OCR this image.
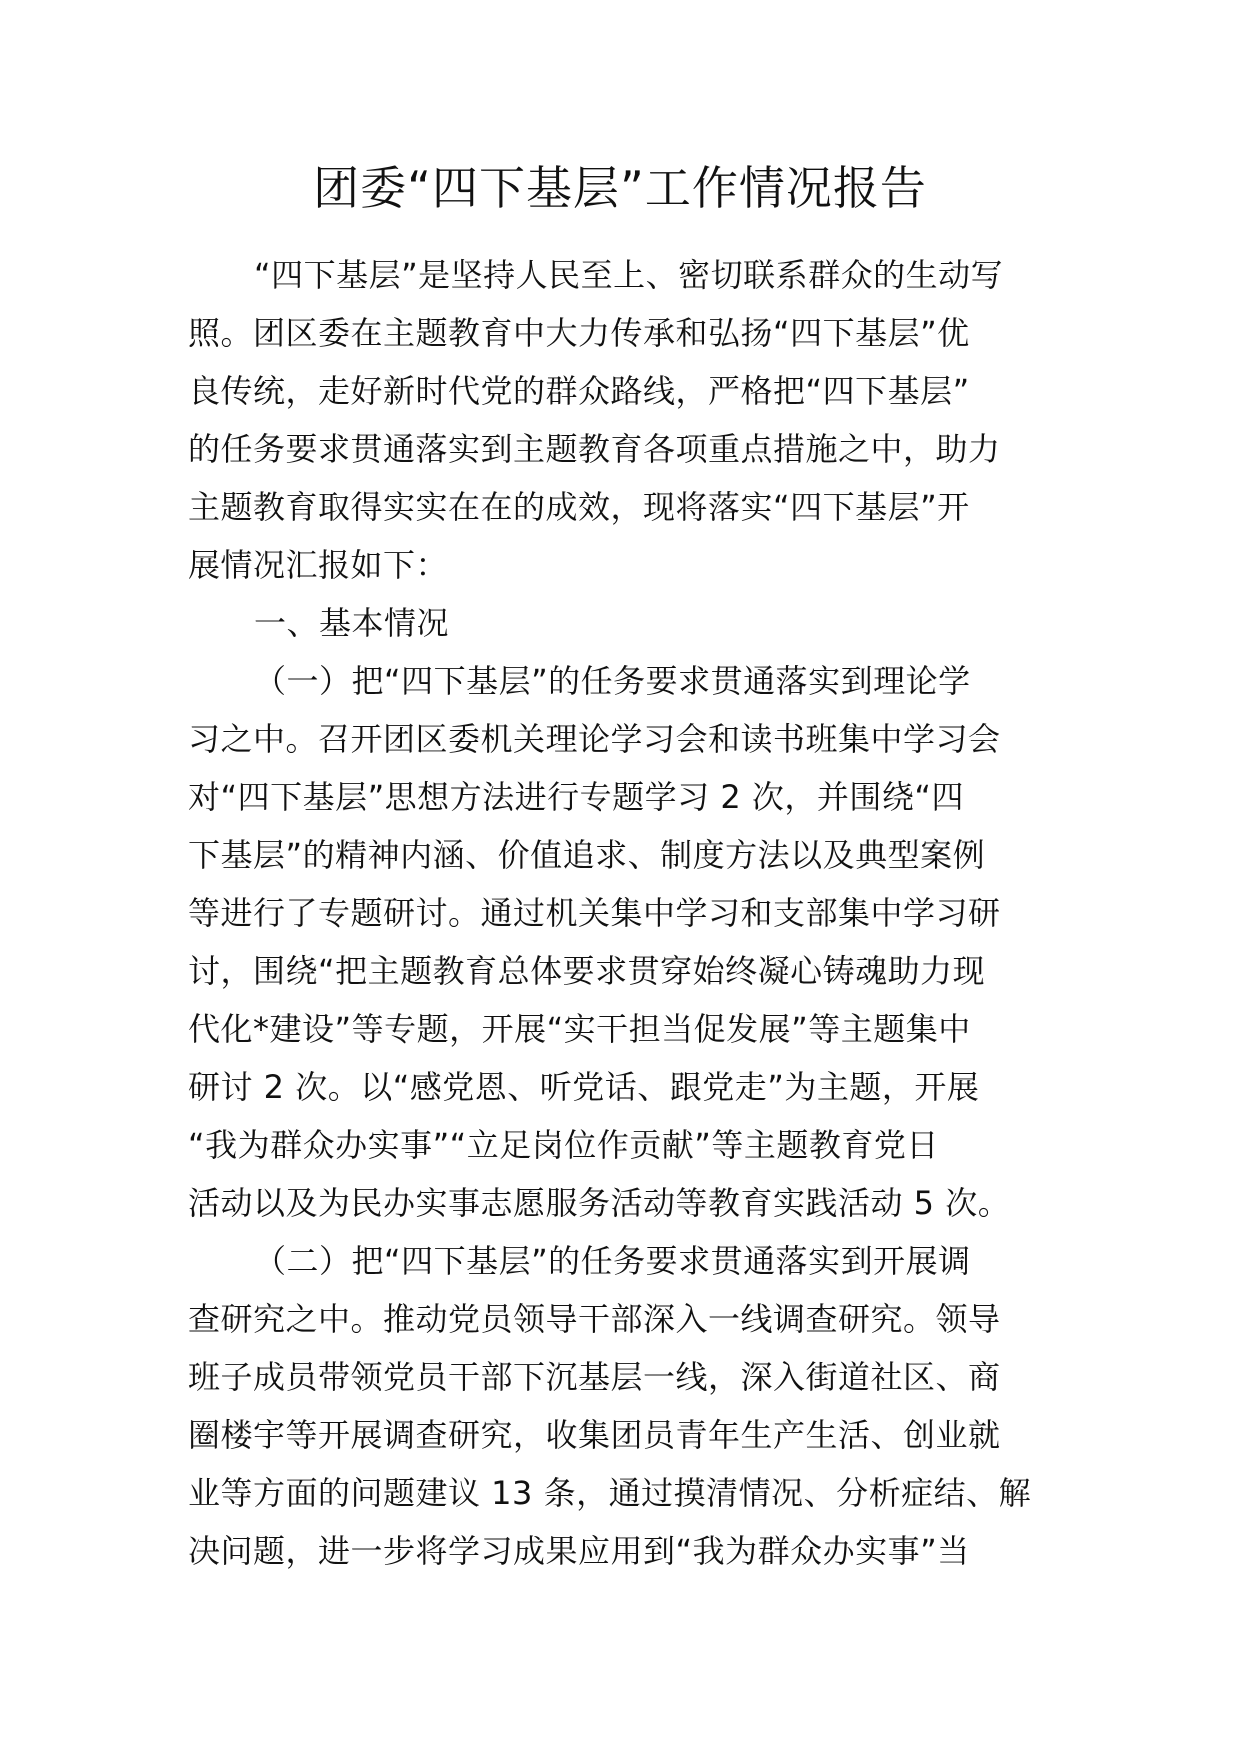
团委“四下基层”工作情况报告
“四下基层”是坚持人民至上、密切联系群众的生动写
照。团区委在主题教育中大力传承和弘扬“四下基层”优
良传统，走好新时代党的群众路线，严格把“四下基层”
的任务要求贯通落实到主题教育各项重点措施之中，助力
主题教育取得实实在在的成效，现将落实“四下基层”开
展情况汇报如下：
一、基本情况
（一）把“四下基层”的任务要求贯通落实到理论学
习之中。召开团区委机关理论学习会和读书班集中学习会
对“四下基层”思想方法进行专题学习 2 次，并围绕“四
下基层”的精神内涵、价值追求、制度方法以及典型案例
等进行了专题研讨。通过机关集中学习和支部集中学习研
讨，围绕“把主题教育总体要求贯穿始终凝心铸魂助力现
代化*建设”等专题，开展“实干担当促发展”等主题集中
研讨 2 次。以“感党恩、听党话、跟党走”为主题，开展
“我为群众办实事”“立足岗位作贡献”等主题教育党日
活动以及为民办实事志愿服务活动等教育实践活动 5 次。
（二）把“四下基层”的任务要求贯通落实到开展调
查研究之中。推动党员领导干部深入一线调查研究。领导
班子成员带领党员干部下沉基层一线，深入街道社区、商
圈楼宇等开展调查研究，收集团员青年生产生活、创业就
业等方面的问题建议 13 条，通过摸清情况、分析症结、解
决问题，进一步将学习成果应用到“我为群众办实事”当
